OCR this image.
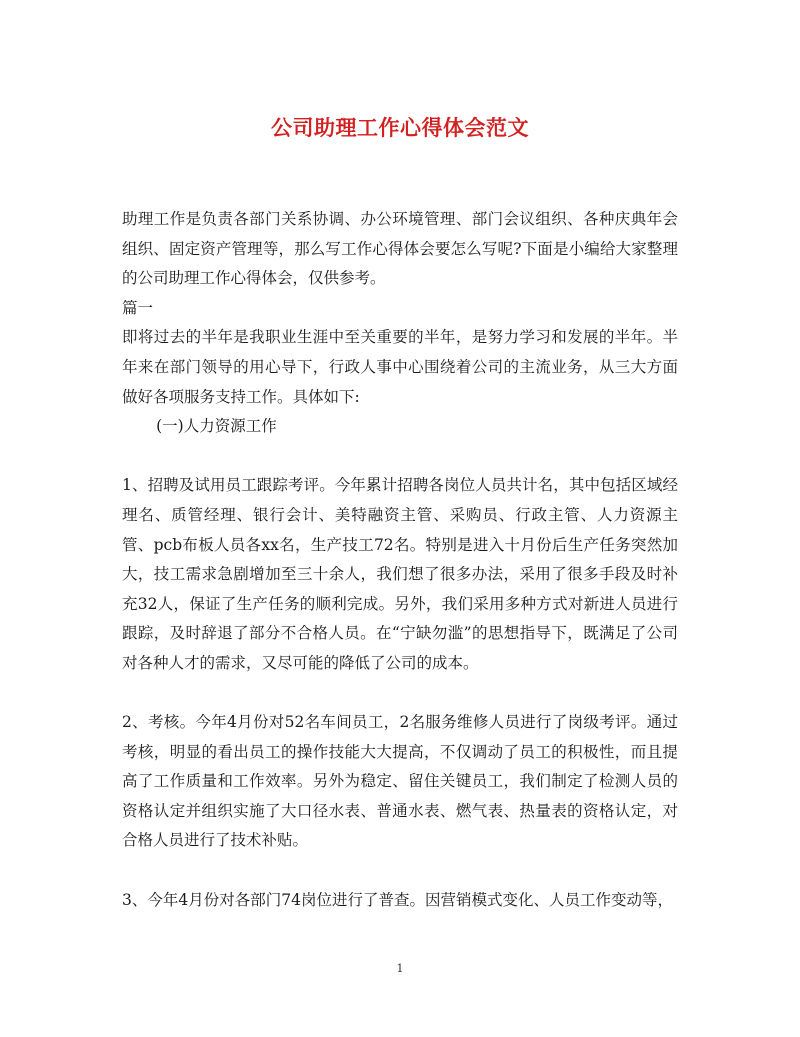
公司助理工作心得体会范文

助理工作是负责各部门关系协调、办公环境管理、部门会议组织、各种庆典年会组织、固定资产管理等，那么写工作心得体会要怎么写呢?下面是小编给大家整理的公司助理工作心得体会，仅供参考。

篇一

即将过去的半年是我职业生涯中至关重要的半年，是努力学习和发展的半年。半年来在部门领导的用心导下，行政人事中心围绕着公司的主流业务，从三大方面做好各项服务支持工作。具体如下:

(一)人力资源工作

1、招聘及试用员工跟踪考评。今年累计招聘各岗位人员共计名，其中包括区域经理名、质管经理、银行会计、美特融资主管、采购员、行政主管、人力资源主管、pcb布板人员各xx名，生产技工72名。特别是进入十月份后生产任务突然加大，技工需求急剧增加至三十余人，我们想了很多办法，采用了很多手段及时补充32人，保证了生产任务的顺利完成。另外，我们采用多种方式对新进人员进行跟踪，及时辞退了部分不合格人员。在“宁缺勿滥”的思想指导下，既满足了公司对各种人才的需求，又尽可能的降低了公司的成本。

2、考核。今年4月份对52名车间员工，2名服务维修人员进行了岗级考评。通过考核，明显的看出员工的操作技能大大提高，不仅调动了员工的积极性，而且提高了工作质量和工作效率。另外为稳定、留住关键员工，我们制定了检测人员的资格认定并组织实施了大口径水表、普通水表、燃气表、热量表的资格认定，对合格人员进行了技术补贴。

3、今年4月份对各部门74岗位进行了普查。因营销模式变化、人员工作变动等，

1
